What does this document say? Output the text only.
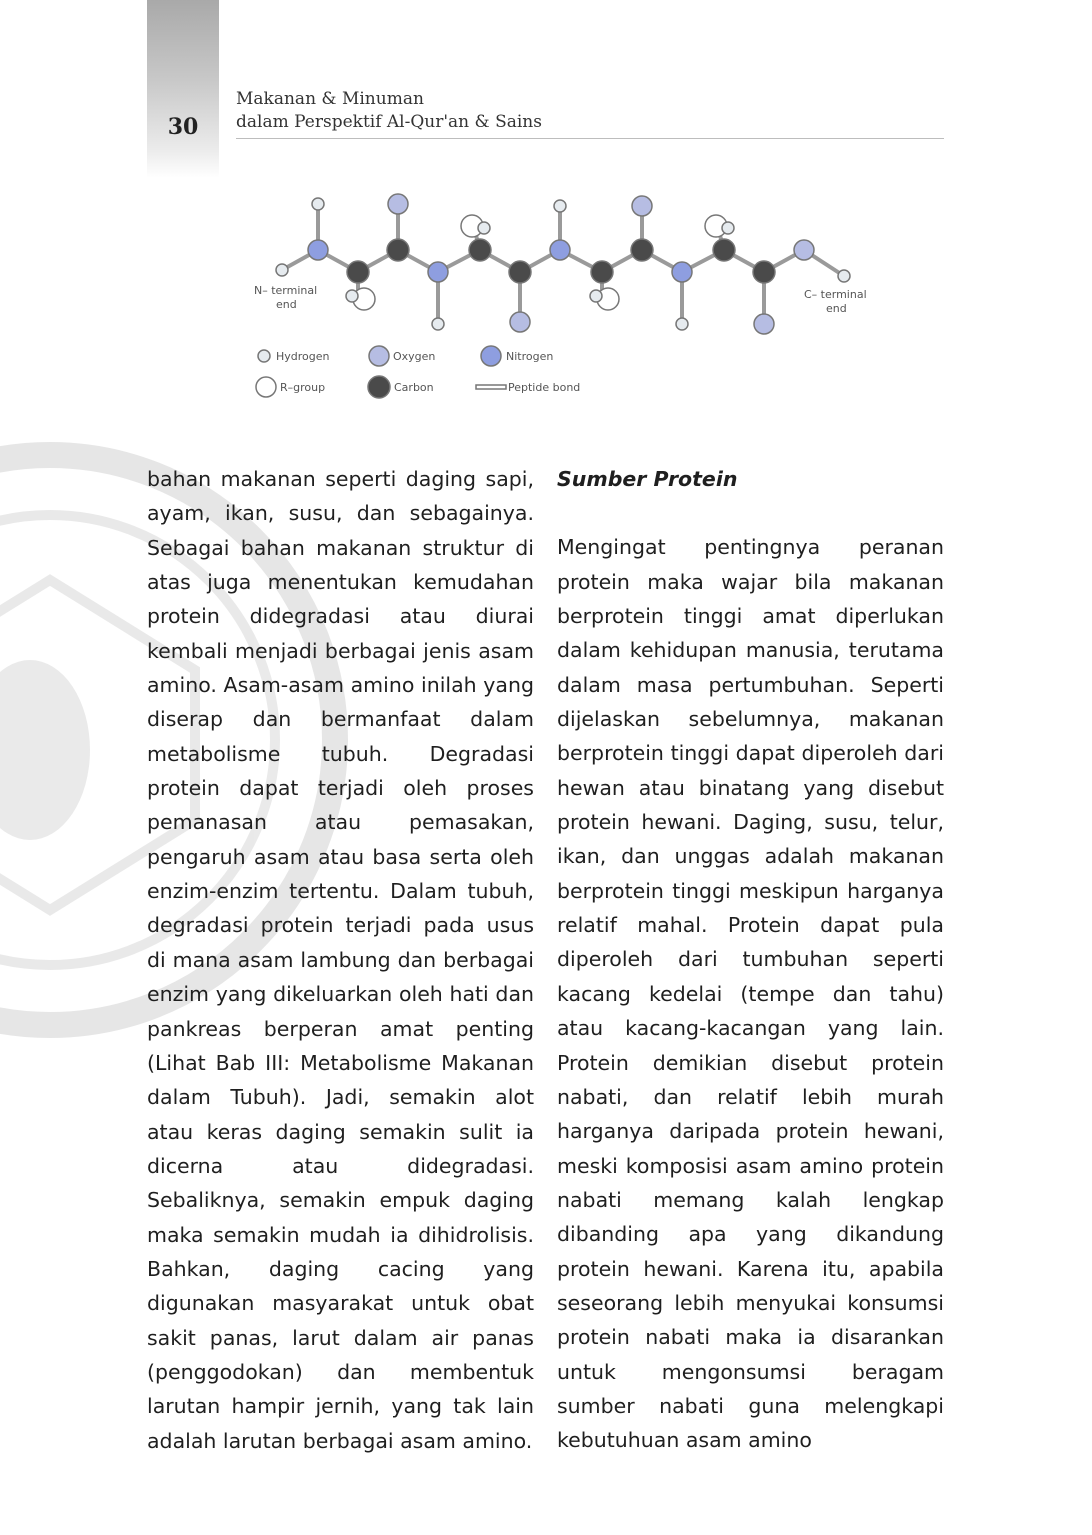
30
Makanan & Minuman
dalam Perspektif Al-Qur'an & Sains
N– terminal
end
C– terminal
end
Hydrogen	Oxygen	Nitrogen
R–group	Carbon	Peptide bond

bahan makanan seperti daging sapi, ayam, ikan, susu, dan sebagainya. Sebagai bahan makanan struktur di atas juga menentukan kemudahan protein didegradasi atau diurai kembali menjadi berbagai jenis asam amino. Asam-asam amino inilah yang diserap dan bermanfaat dalam metabolisme tubuh. Degradasi protein dapat terjadi oleh proses pemanasan atau pemasakan, pengaruh asam atau basa serta oleh enzim-enzim tertentu. Dalam tubuh, degradasi protein terjadi pada usus di mana asam lambung dan berbagai enzim yang dikeluarkan oleh hati dan pankreas berperan amat penting (Lihat Bab III: Metabolisme Makanan dalam Tubuh). Jadi, semakin alot atau keras daging semakin sulit ia dicerna atau didegradasi. Sebaliknya, semakin empuk daging maka semakin mudah ia dihidrolisis. Bahkan, daging cacing yang digunakan masyarakat untuk obat sakit panas, larut dalam air panas (penggodokan) dan membentuk larutan hampir jernih, yang tak lain adalah larutan berbagai asam amino.

Sumber Protein

Mengingat pentingnya peranan protein maka wajar bila makanan berprotein tinggi amat diperlukan dalam kehidupan manusia, terutama dalam masa pertumbuhan. Seperti dijelaskan sebelumnya, makanan berprotein tinggi dapat diperoleh dari hewan atau binatang yang disebut protein hewani. Daging, susu, telur, ikan, dan unggas adalah makanan berprotein tinggi meskipun harganya relatif mahal. Protein dapat pula diperoleh dari tumbuhan seperti kacang kedelai (tempe dan tahu) atau kacang-kacangan yang lain. Protein demikian disebut protein nabati, dan relatif lebih murah harganya daripada protein hewani, meski komposisi asam amino protein nabati memang kalah lengkap dibanding apa yang dikandung protein hewani. Karena itu, apabila seseorang lebih menyukai konsumsi protein nabati maka ia disarankan untuk mengonsumsi beragam sumber nabati guna melengkapi kebutuhuan asam amino
